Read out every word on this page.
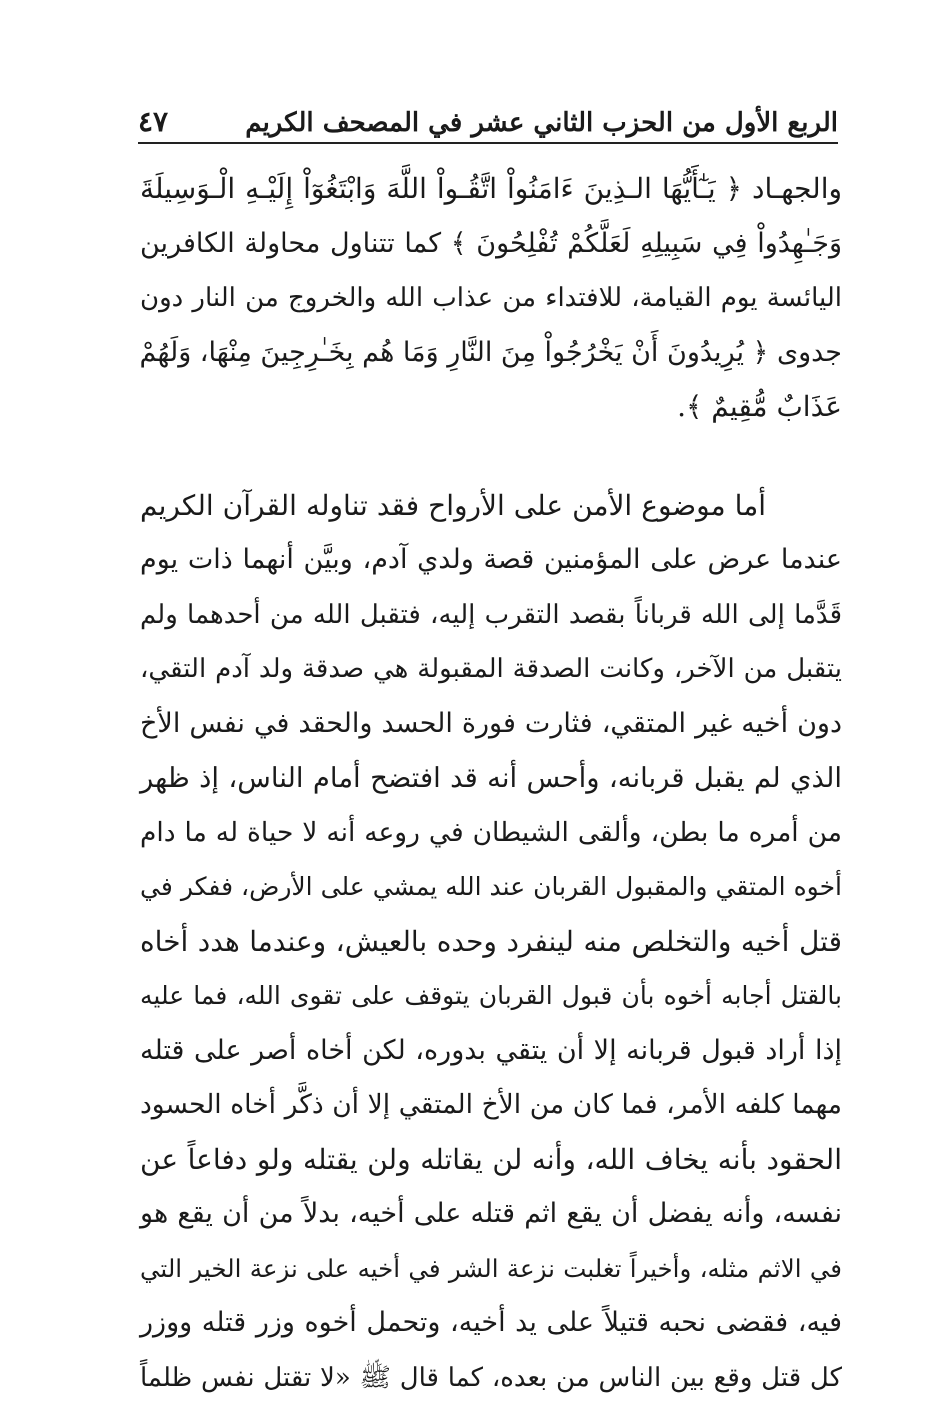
الربع الأول من الحزب الثاني عشر في المصحف الكريم
٤٧
والجهـاد ﴿ يَـٰٓأَيُّهَا الـذِينَ ءَامَنُواْ اتَّقُـواْ اللَّهَ وَابْتَغُوٓاْ إِلَيْـهِ الْـوَسِيلَةَ
وَجَـٰهِدُواْ فِي سَبِيلِهِ لَعَلَّكُمْ تُفْلِحُونَ ﴾ كما تتناول محاولة الكافرين
اليائسة يوم القيامة، للافتداء من عذاب الله والخروج من النار دون
جدوى ﴿ يُرِيدُونَ أَنْ يَخْرُجُواْ مِنَ النَّارِ وَمَا هُم بِخَـٰرِجِينَ مِنْهَا، وَلَهُمْ
عَذَابٌ مُّقِيمٌ ﴾.
أما موضوع الأمن على الأرواح فقد تناوله القرآن الكريم
عندما عرض على المؤمنين قصة ولدي آدم، وبيَّن أنهما ذات يوم
قَدَّما إلى الله قرباناً بقصد التقرب إليه، فتقبل الله من أحدهما ولم
يتقبل من الآخر، وكانت الصدقة المقبولة هي صدقة ولد آدم التقي،
دون أخيه غير المتقي، فثارت فورة الحسد والحقد في نفس الأخ
الذي لم يقبل قربانه، وأحس أنه قد افتضح أمام الناس، إذ ظهر
من أمره ما بطن، وألقى الشيطان في روعه أنه لا حياة له ما دام
أخوه المتقي والمقبول القربان عند الله يمشي على الأرض، ففكر في
قتل أخيه والتخلص منه لينفرد وحده بالعيش، وعندما هدد أخاه
بالقتل أجابه أخوه بأن قبول القربان يتوقف على تقوى الله، فما عليه
إذا أراد قبول قربانه إلا أن يتقي بدوره، لكن أخاه أصر على قتله
مهما كلفه الأمر، فما كان من الأخ المتقي إلا أن ذكَّر أخاه الحسود
الحقود بأنه يخاف الله، وأنه لن يقاتله ولن يقتله ولو دفاعاً عن
نفسه، وأنه يفضل أن يقع اثم قتله على أخيه، بدلاً من أن يقع هو
في الاثم مثله، وأخيراً تغلبت نزعة الشر في أخيه على نزعة الخير التي
فيه، فقضى نحبه قتيلاً على يد أخيه، وتحمل أخوه وزر قتله ووزر
كل قتل وقع بين الناس من بعده، كما قال ﷺ «لا تقتل نفس ظلماً
